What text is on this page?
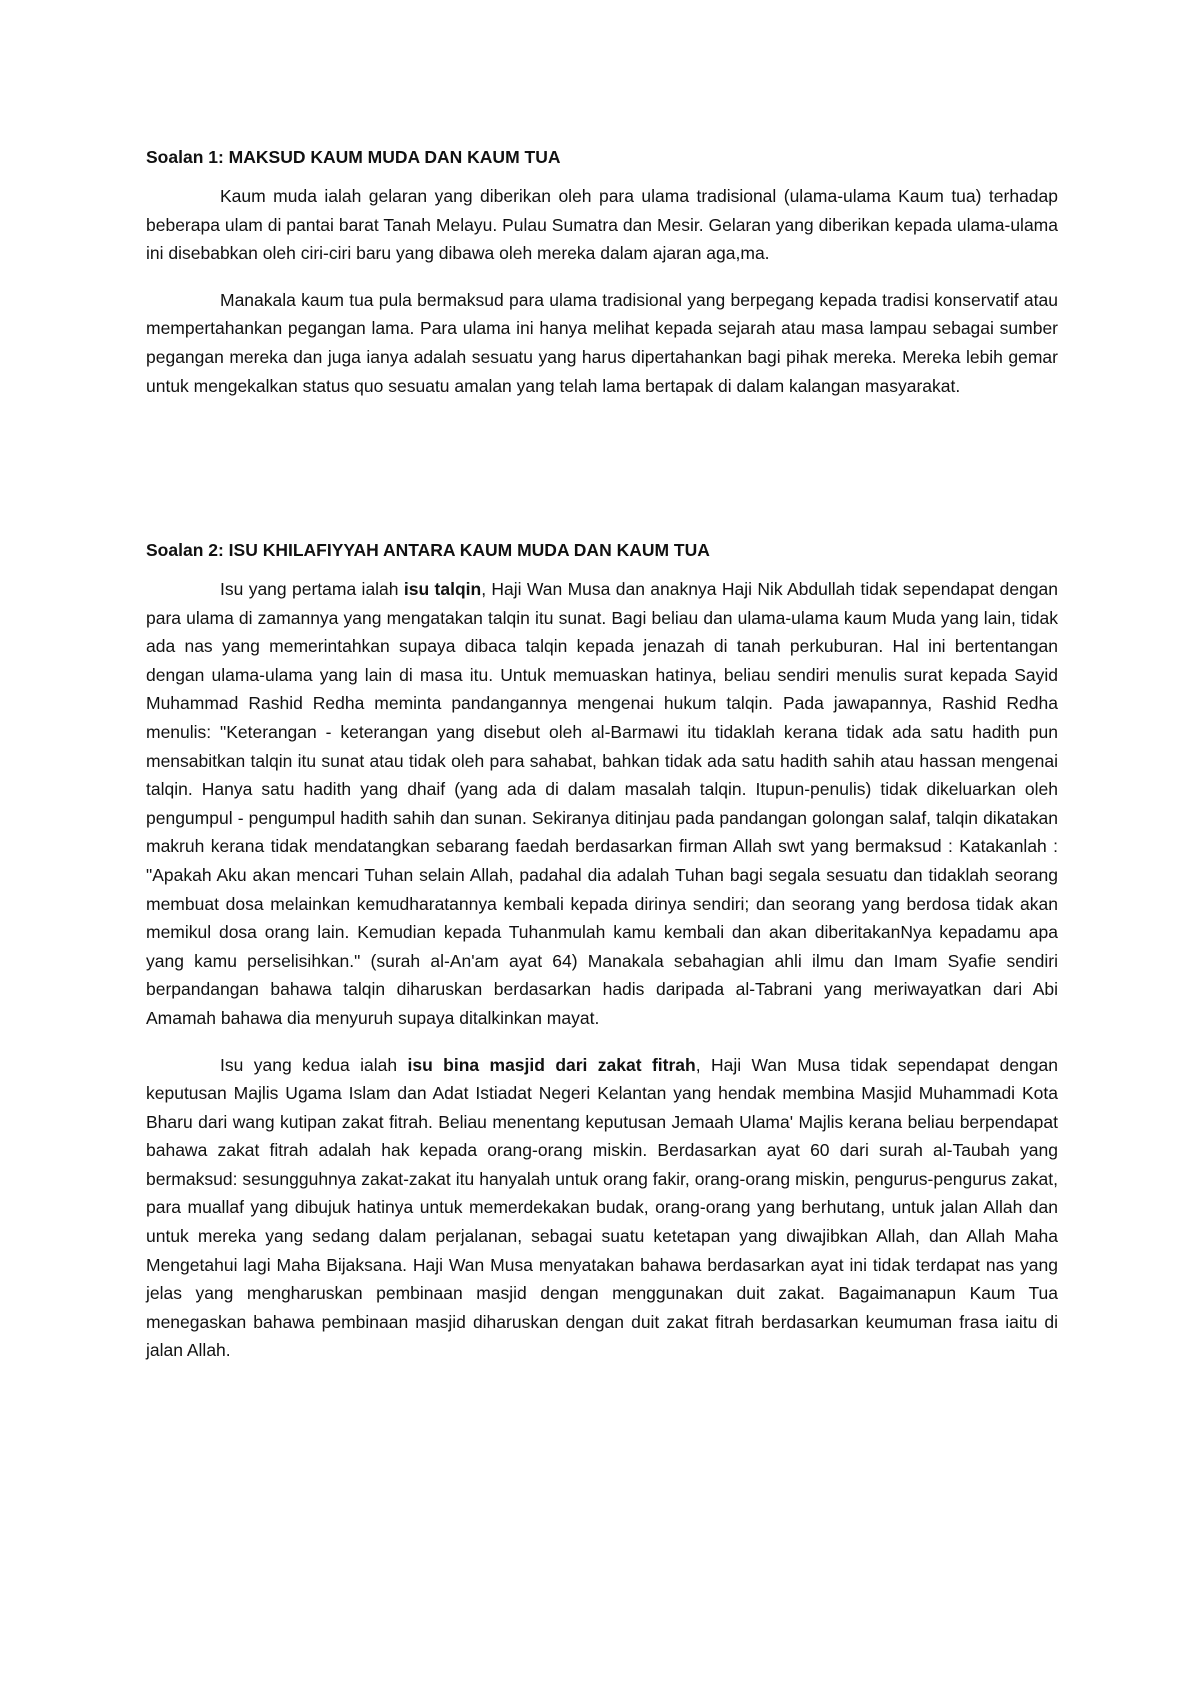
Soalan 1: MAKSUD KAUM MUDA DAN KAUM TUA

Kaum muda ialah gelaran yang diberikan oleh para ulama tradisional (ulama-ulama Kaum tua) terhadap beberapa ulam di pantai barat Tanah Melayu. Pulau Sumatra dan Mesir. Gelaran yang diberikan kepada ulama-ulama ini disebabkan oleh ciri-ciri baru yang dibawa oleh mereka dalam ajaran aga,ma.

Manakala kaum tua pula bermaksud para ulama tradisional yang berpegang kepada tradisi konservatif atau mempertahankan pegangan lama. Para ulama ini hanya melihat kepada sejarah atau masa lampau sebagai sumber pegangan mereka dan juga ianya adalah sesuatu yang harus dipertahankan bagi pihak mereka. Mereka lebih gemar untuk mengekalkan status quo sesuatu amalan yang telah lama bertapak di dalam kalangan masyarakat.

Soalan 2: ISU KHILAFIYYAH ANTARA KAUM MUDA DAN KAUM TUA

Isu yang pertama ialah isu talqin, Haji Wan Musa dan anaknya Haji Nik Abdullah tidak sependapat dengan para ulama di zamannya yang mengatakan talqin itu sunat. Bagi beliau dan ulama-ulama kaum Muda yang lain, tidak ada nas yang memerintahkan supaya dibaca talqin kepada jenazah di tanah perkuburan. Hal ini bertentangan dengan ulama-ulama yang lain di masa itu. Untuk memuaskan hatinya, beliau sendiri menulis surat kepada Sayid Muhammad Rashid Redha meminta pandangannya mengenai hukum talqin. Pada jawapannya, Rashid Redha menulis: "Keterangan - keterangan yang disebut oleh al-Barmawi itu tidaklah kerana tidak ada satu hadith pun mensabitkan talqin itu sunat atau tidak oleh para sahabat, bahkan tidak ada satu hadith sahih atau hassan mengenai talqin. Hanya satu hadith yang dhaif (yang ada di dalam masalah talqin. Itupun-penulis) tidak dikeluarkan oleh pengumpul - pengumpul hadith sahih dan sunan. Sekiranya ditinjau pada pandangan golongan salaf, talqin dikatakan makruh kerana tidak mendatangkan sebarang faedah berdasarkan firman Allah swt yang bermaksud : Katakanlah : "Apakah Aku akan mencari Tuhan selain Allah, padahal dia adalah Tuhan bagi segala sesuatu dan tidaklah seorang membuat dosa melainkan kemudharatannya kembali kepada dirinya sendiri; dan seorang yang berdosa tidak akan memikul dosa orang lain. Kemudian kepada Tuhanmulah kamu kembali dan akan diberitakanNya kepadamu apa yang kamu perselisihkan." (surah al-An'am ayat 64) Manakala sebahagian ahli ilmu dan Imam Syafie sendiri berpandangan bahawa talqin diharuskan berdasarkan hadis daripada al-Tabrani yang meriwayatkan dari Abi Amamah bahawa dia menyuruh supaya ditalkinkan mayat.

Isu yang kedua ialah isu bina masjid dari zakat fitrah, Haji Wan Musa tidak sependapat dengan keputusan Majlis Ugama Islam dan Adat Istiadat Negeri Kelantan yang hendak membina Masjid Muhammadi Kota Bharu dari wang kutipan zakat fitrah. Beliau menentang keputusan Jemaah Ulama' Majlis kerana beliau berpendapat bahawa zakat fitrah adalah hak kepada orang-orang miskin. Berdasarkan ayat 60 dari surah al-Taubah yang bermaksud: sesungguhnya zakat-zakat itu hanyalah untuk orang fakir, orang-orang miskin, pengurus-pengurus zakat, para muallaf yang dibujuk hatinya untuk memerdekakan budak, orang-orang yang berhutang, untuk jalan Allah dan untuk mereka yang sedang dalam perjalanan, sebagai suatu ketetapan yang diwajibkan Allah, dan Allah Maha Mengetahui lagi Maha Bijaksana. Haji Wan Musa menyatakan bahawa berdasarkan ayat ini tidak terdapat nas yang jelas yang mengharuskan pembinaan masjid dengan menggunakan duit zakat. Bagaimanapun Kaum Tua menegaskan bahawa pembinaan masjid diharuskan dengan duit zakat fitrah berdasarkan keumuman frasa iaitu di jalan Allah.
